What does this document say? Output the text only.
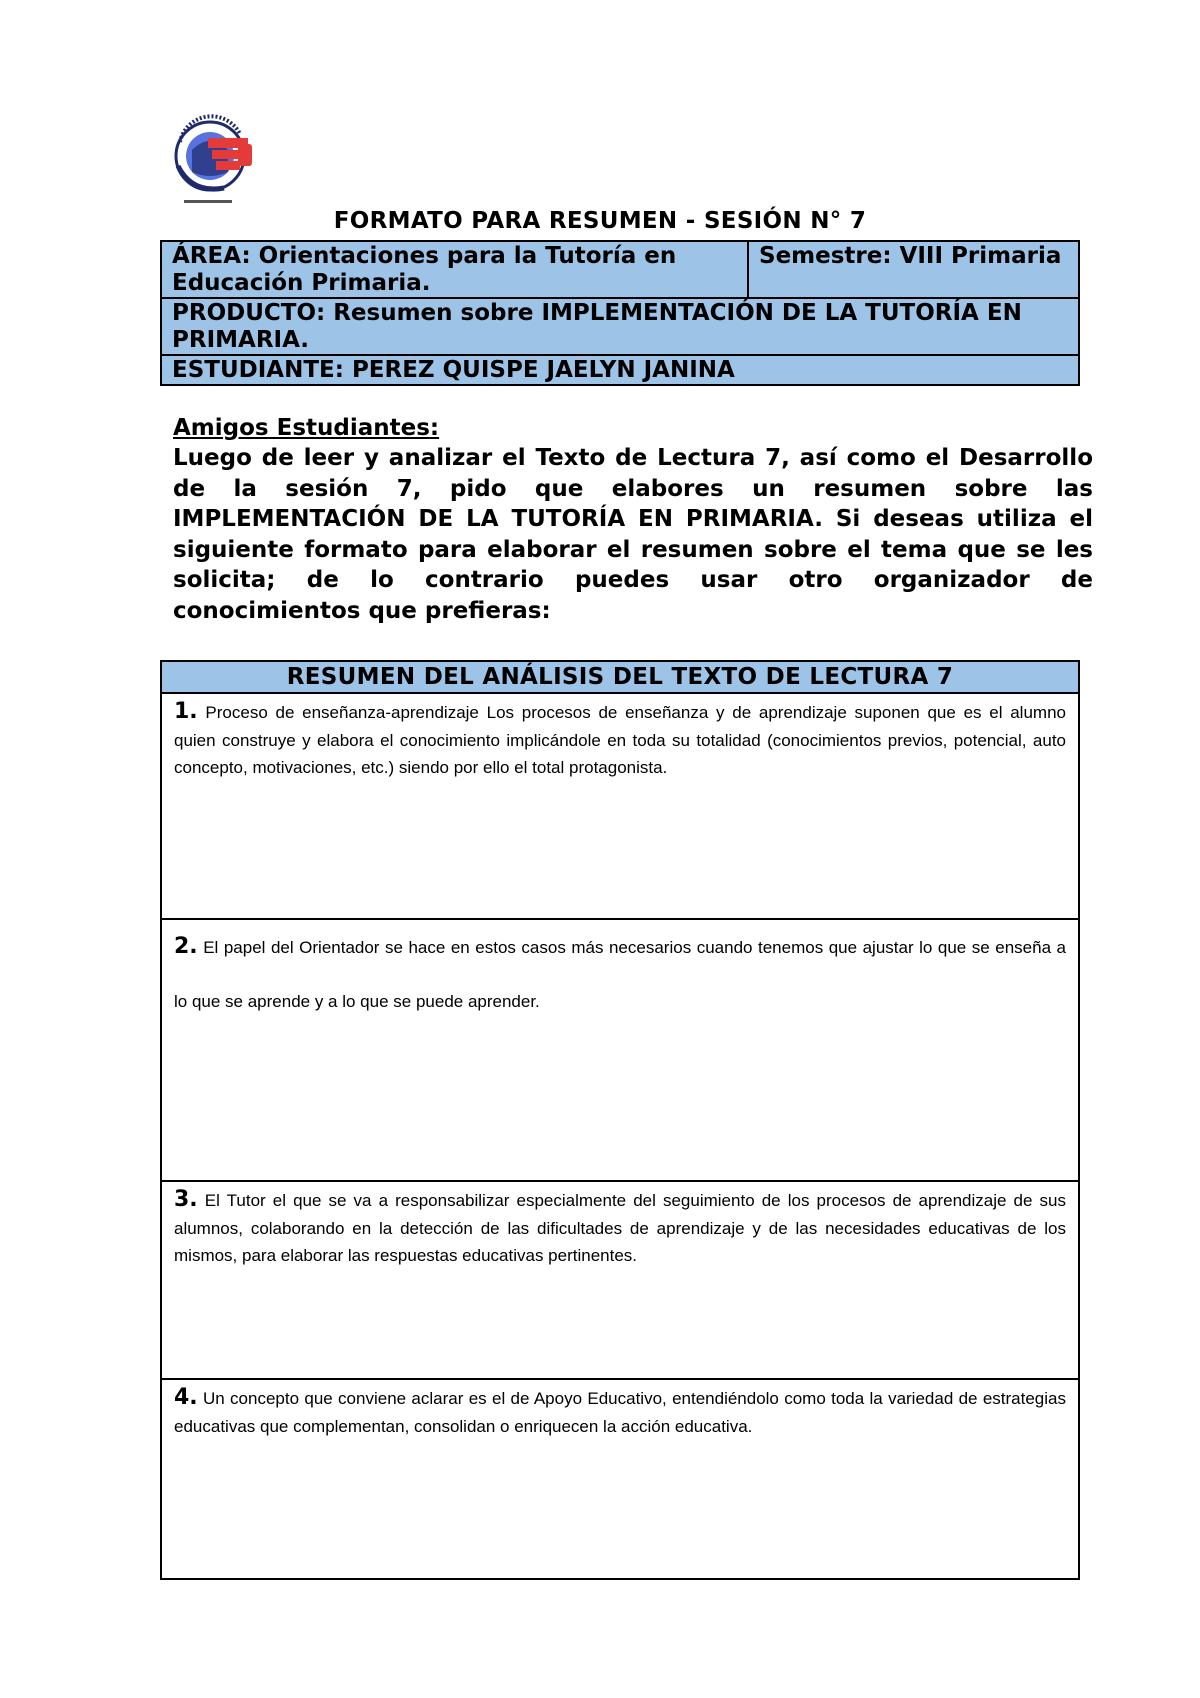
FORMATO PARA RESUMEN - SESIÓN N° 7
ÁREA: Orientaciones para la Tutoría en Educación Primaria.	Semestre: VIII Primaria
PRODUCTO: Resumen sobre IMPLEMENTACIÓN DE LA TUTORÍA EN PRIMARIA.
ESTUDIANTE: PEREZ QUISPE JAELYN JANINA
Amigos Estudiantes:

Luego de leer y analizar el Texto de Lectura 7, así como el Desarrollo de la sesión 7, pido que elabores un resumen sobre las IMPLEMENTACIÓN DE LA TUTORÍA EN PRIMARIA. Si deseas utiliza el siguiente formato para elaborar el resumen sobre el tema que se les solicita; de lo contrario puedes usar otro organizador de conocimientos que prefieras:

RESUMEN DEL ANÁLISIS DEL TEXTO DE LECTURA 7
1. Proceso de enseñanza-aprendizaje Los procesos de enseñanza y de aprendizaje suponen que es el alumno quien construye y elabora el conocimiento implicándole en toda su totalidad (conocimientos previos, potencial, auto concepto, motivaciones, etc.) siendo por ello el total protagonista.
2. El papel del Orientador se hace en estos casos más necesarios cuando tenemos que ajustar lo que se enseña a lo que se aprende y a lo que se puede aprender.
3. El Tutor el que se va a responsabilizar especialmente del seguimiento de los procesos de aprendizaje de sus alumnos, colaborando en la detección de las dificultades de aprendizaje y de las necesidades educativas de los mismos, para elaborar las respuestas educativas pertinentes.
4. Un concepto que conviene aclarar es el de Apoyo Educativo, entendiéndolo como toda la variedad de estrategias educativas que complementan, consolidan o enriquecen la acción educativa.
